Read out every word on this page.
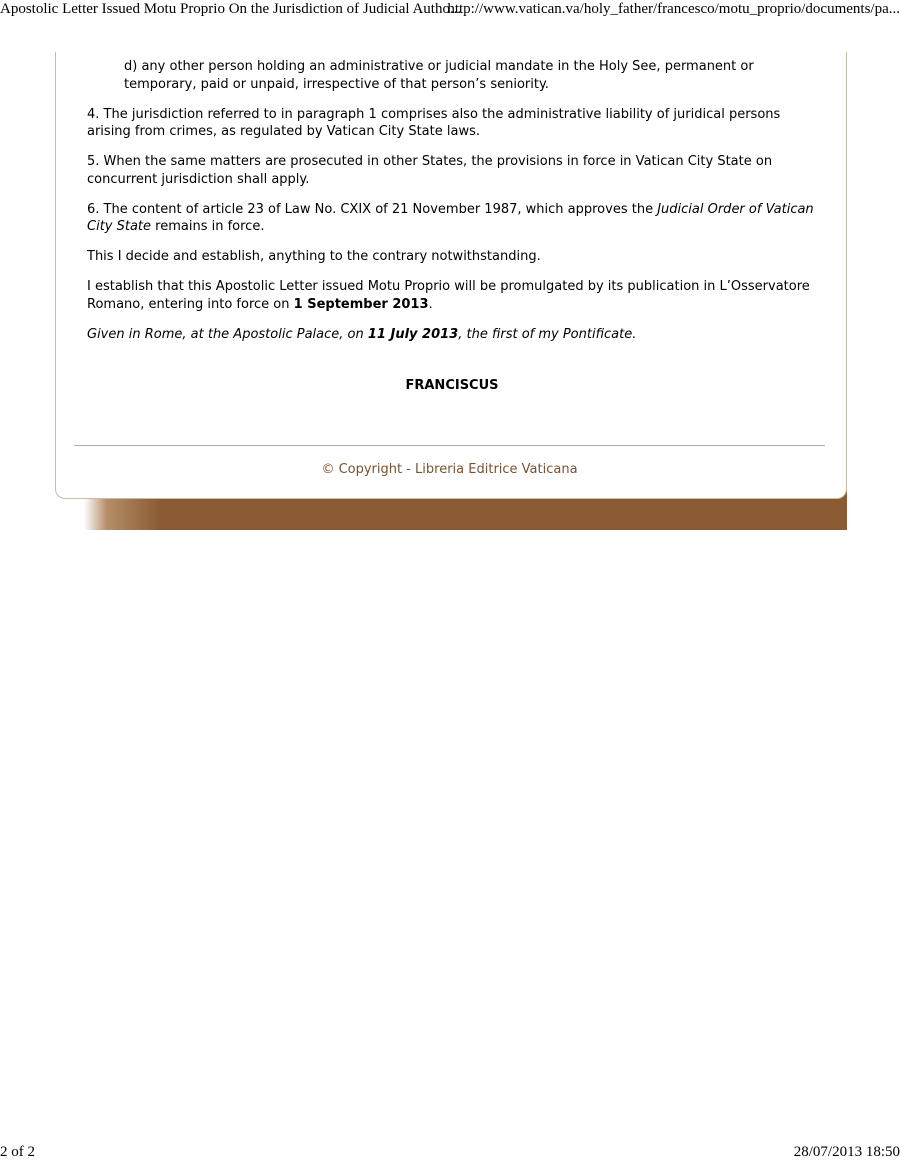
Apostolic Letter Issued Motu Proprio On the Jurisdiction of Judicial Autho...
http://www.vatican.va/holy_father/francesco/motu_proprio/documents/pa...

d) any other person holding an administrative or judicial mandate in the Holy See, permanent or temporary, paid or unpaid, irrespective of that person’s seniority.

4. The jurisdiction referred to in paragraph 1 comprises also the administrative liability of juridical persons arising from crimes, as regulated by Vatican City State laws.

5. When the same matters are prosecuted in other States, the provisions in force in Vatican City State on concurrent jurisdiction shall apply.

6. The content of article 23 of Law No. CXIX of 21 November 1987, which approves the Judicial Order of Vatican City State remains in force.

This I decide and establish, anything to the contrary notwithstanding.

I establish that this Apostolic Letter issued Motu Proprio will be promulgated by its publication in L’Osservatore Romano, entering into force on 1 September 2013.

Given in Rome, at the Apostolic Palace, on 11 July 2013, the first of my Pontificate.

FRANCISCUS

© Copyright - Libreria Editrice Vaticana
2 of 2	28/07/2013 18:50
